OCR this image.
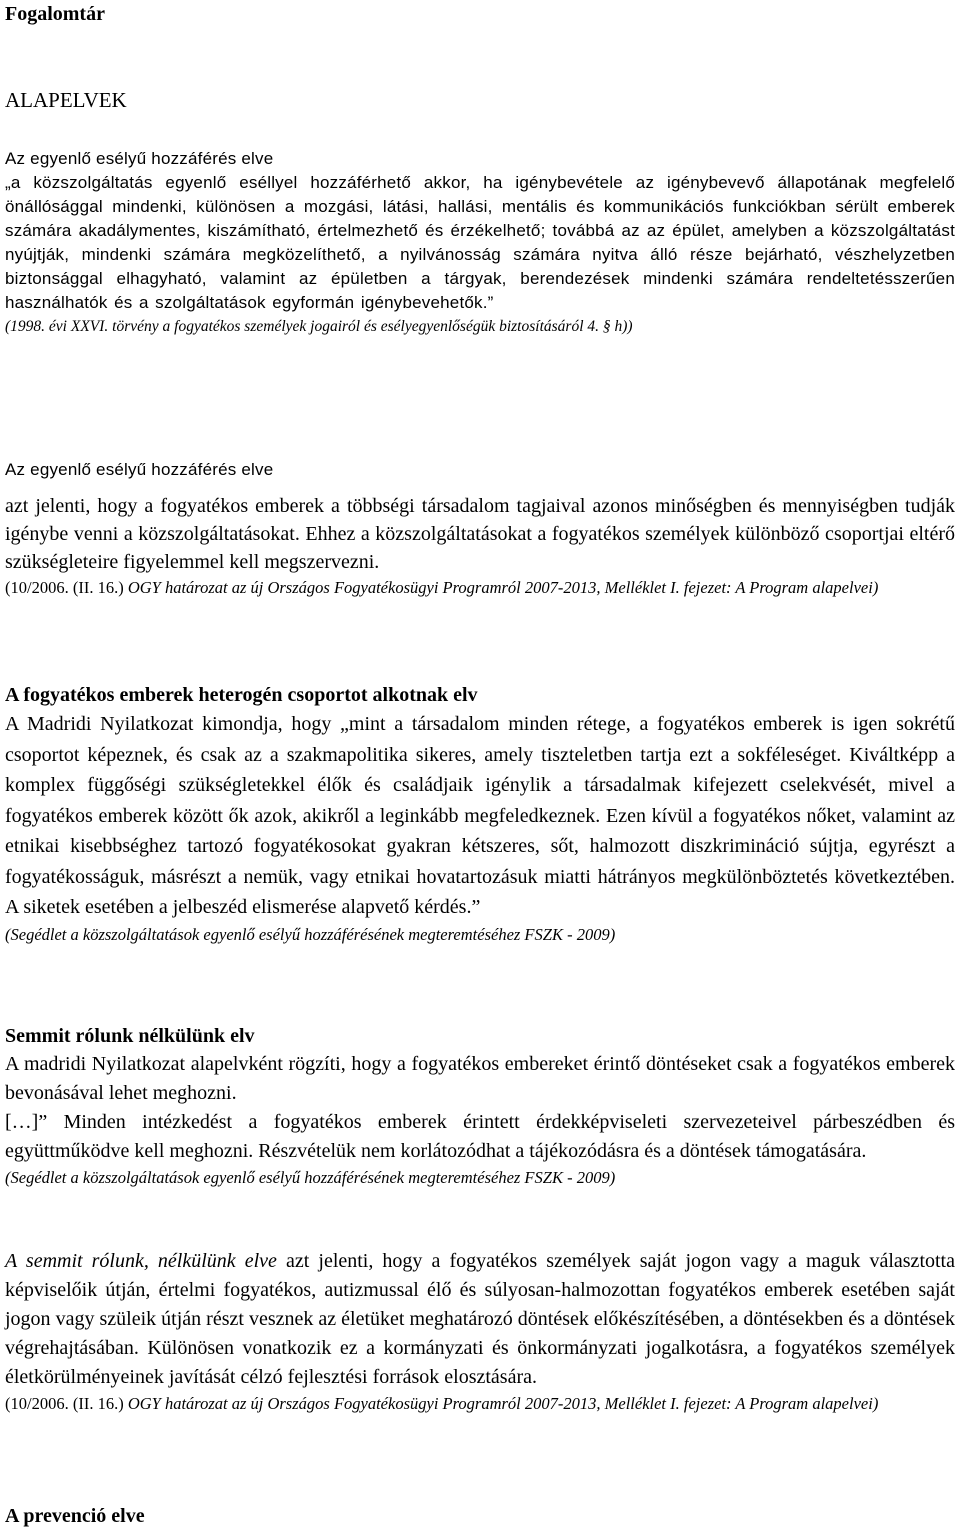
Fogalomtár
ALAPELVEK

Az egyenlő esélyű hozzáférés elve

„a közszolgáltatás egyenlő eséllyel hozzáférhető akkor, ha igénybevétele az igénybevevő állapotának megfelelő önállósággal mindenki, különösen a mozgási, látási, hallási, mentális és kommunikációs funkciókban sérült emberek számára akadálymentes, kiszámítható, értelmezhető és érzékelhető; továbbá az az épület, amelyben a közszolgáltatást nyújtják, mindenki számára megközelíthető, a nyilvánosság számára nyitva álló része bejárható, vészhelyzetben biztonsággal elhagyható, valamint az épületben a tárgyak, berendezések mindenki számára rendeltetésszerűen használhatók és a szolgáltatások egyformán igénybevehetők.”

(1998. évi XXVI. törvény a fogyatékos személyek jogairól és esélyegyenlőségük biztosításáról 4. § h))

Az egyenlő esélyű hozzáférés elve

azt jelenti, hogy a fogyatékos emberek a többségi társadalom tagjaival azonos minőségben és mennyiségben tudják igénybe venni a közszolgáltatásokat. Ehhez a közszolgáltatásokat a fogyatékos személyek különböző csoportjai eltérő szükségleteire figyelemmel kell megszervezni.

(10/2006. (II. 16.) OGY határozat az új Országos Fogyatékosügyi Programról 2007-2013, Melléklet I. fejezet: A Program alapelvei)

A fogyatékos emberek heterogén csoportot alkotnak elv

A Madridi Nyilatkozat kimondja, hogy „mint a társadalom minden rétege, a fogyatékos emberek is igen sokrétű csoportot képeznek, és csak az a szakmapolitika sikeres, amely tiszteletben tartja ezt a sokféleséget. Kiváltképp a komplex függőségi szükségletekkel élők és családjaik igénylik a társadalmak kifejezett cselekvését, mivel a fogyatékos emberek között ők azok, akikről a leginkább megfeledkeznek. Ezen kívül a fogyatékos nőket, valamint az etnikai kisebbséghez tartozó fogyatékosokat gyakran kétszeres, sőt, halmozott diszkrimináció sújtja, egyrészt a fogyatékosságuk, másrészt a nemük, vagy etnikai hovatartozásuk miatti hátrányos megkülönböztetés következtében. A siketek esetében a jelbeszéd elismerése alapvető kérdés.”

(Segédlet a közszolgáltatások egyenlő esélyű hozzáférésének megteremtéséhez FSZK - 2009)

Semmit rólunk nélkülünk elv

A madridi Nyilatkozat alapelvként rögzíti, hogy a fogyatékos embereket érintő döntéseket csak a fogyatékos emberek bevonásával lehet meghozni.

[…]” Minden intézkedést a fogyatékos emberek érintett érdekképviseleti szervezeteivel párbeszédben és együttműködve kell meghozni. Részvételük nem korlátozódhat a tájékozódásra és a döntések támogatására.

(Segédlet a közszolgáltatások egyenlő esélyű hozzáférésének megteremtéséhez FSZK - 2009)

A semmit rólunk, nélkülünk elve azt jelenti, hogy a fogyatékos személyek saját jogon vagy a maguk választotta képviselőik útján, értelmi fogyatékos, autizmussal élő és súlyosan-halmozottan fogyatékos emberek esetében saját jogon vagy szüleik útján részt vesznek az életüket meghatározó döntések előkészítésében, a döntésekben és a döntések végrehajtásában. Különösen vonatkozik ez a kormányzati és önkormányzati jogalkotásra, a fogyatékos személyek életkörülményeinek javítását célzó fejlesztési források elosztására.

(10/2006. (II. 16.) OGY határozat az új Országos Fogyatékosügyi Programról 2007-2013, Melléklet I. fejezet: A Program alapelvei)

A prevenció elve
